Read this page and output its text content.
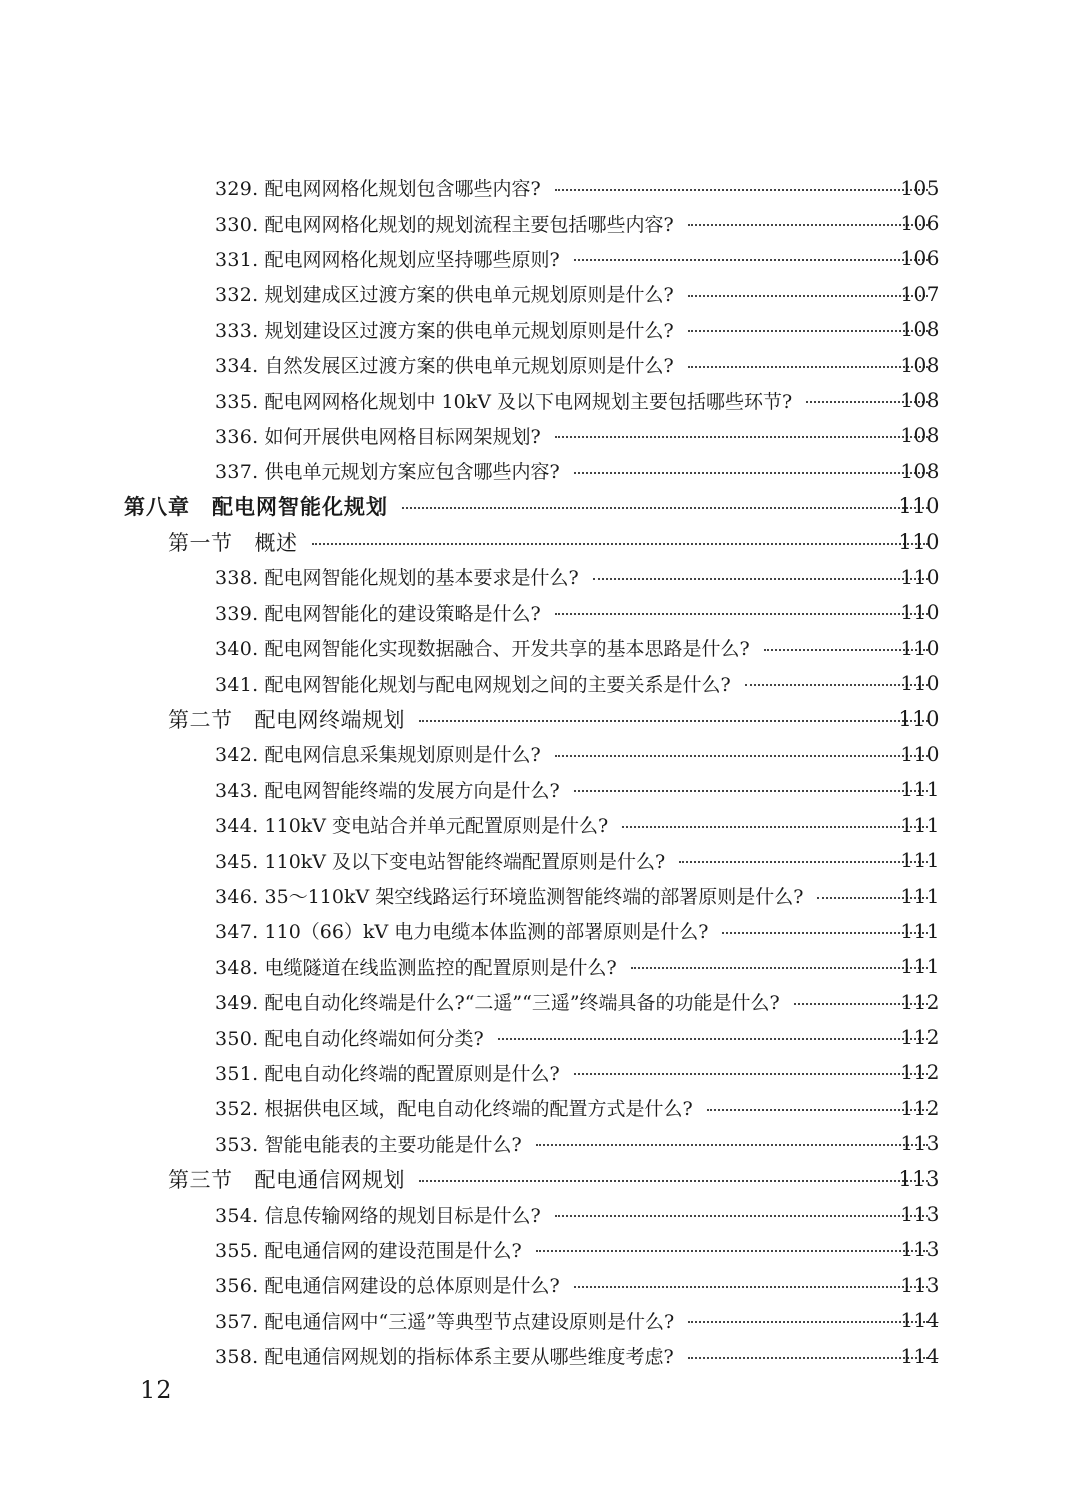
329. 配电网网格化规划包含哪些内容?	105
330. 配电网网格化规划的规划流程主要包括哪些内容?	106
331. 配电网网格化规划应坚持哪些原则?	106
332. 规划建成区过渡方案的供电单元规划原则是什么?	107
333. 规划建设区过渡方案的供电单元规划原则是什么?	108
334. 自然发展区过渡方案的供电单元规划原则是什么?	108
335. 配电网网格化规划中 10kV 及以下电网规划主要包括哪些环节?	108
336. 如何开展供电网格目标网架规划?	108
337. 供电单元规划方案应包含哪些内容?	108
第八章 配电网智能化规划	110
第一节 概述	110
338. 配电网智能化规划的基本要求是什么?	110
339. 配电网智能化的建设策略是什么?	110
340. 配电网智能化实现数据融合、开发共享的基本思路是什么?	110
341. 配电网智能化规划与配电网规划之间的主要关系是什么?	110
第二节 配电网终端规划	110
342. 配电网信息采集规划原则是什么?	110
343. 配电网智能终端的发展方向是什么?	111
344. 110kV 变电站合并单元配置原则是什么?	111
345. 110kV 及以下变电站智能终端配置原则是什么?	111
346. 35～110kV 架空线路运行环境监测智能终端的部署原则是什么?	111
347. 110（66）kV 电力电缆本体监测的部署原则是什么?	111
348. 电缆隧道在线监测监控的配置原则是什么?	111
349. 配电自动化终端是什么?“二遥”“三遥”终端具备的功能是什么?	112
350. 配电自动化终端如何分类?	112
351. 配电自动化终端的配置原则是什么?	112
352. 根据供电区域，配电自动化终端的配置方式是什么?	112
353. 智能电能表的主要功能是什么?	113
第三节 配电通信网规划	113
354. 信息传输网络的规划目标是什么?	113
355. 配电通信网的建设范围是什么?	113
356. 配电通信网建设的总体原则是什么?	113
357. 配电通信网中“三遥”等典型节点建设原则是什么?	114
358. 配电通信网规划的指标体系主要从哪些维度考虑?	114
12
